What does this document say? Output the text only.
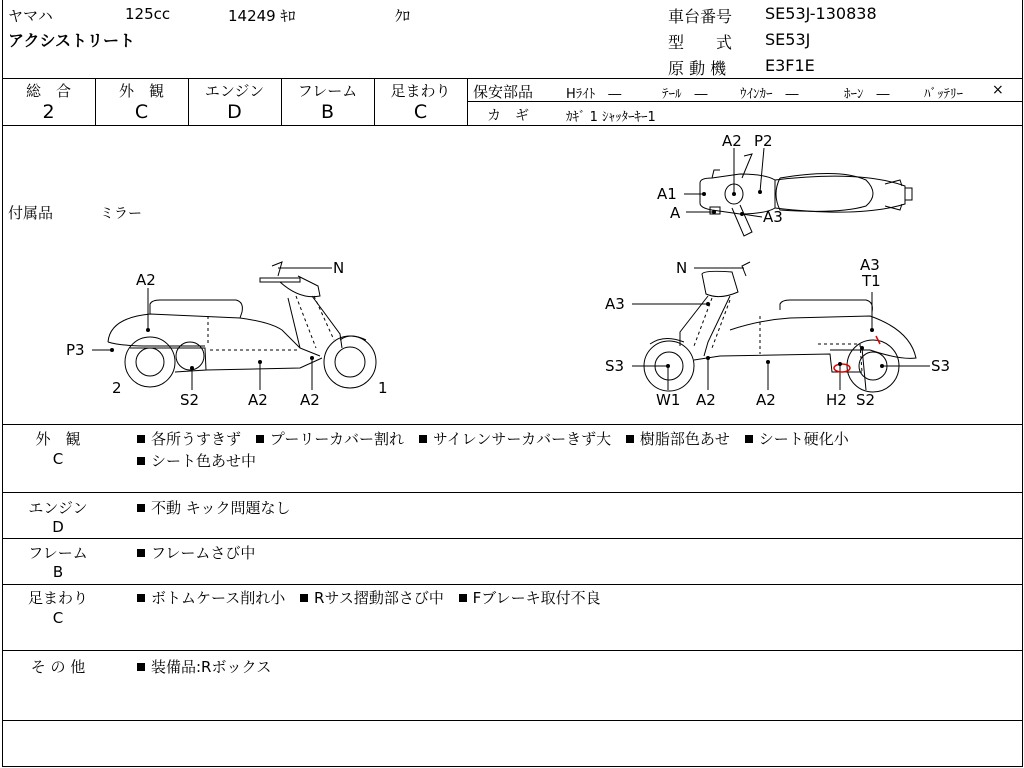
ヤマハ	125cc	14249 ｷﾛ	ｸﾛ
アクシストリート
車台番号 SE53J-130838
型　　式 SE53J
原 動 機 E3F1E
総　合
2
外　観
C
エンジン
D
フレーム
B
足まわり
C
保安部品	Hﾗｲﾄ　―	ﾃｰﾙ　― ｳｲﾝｶｰ　―	ﾎｰﾝ　―	ﾊﾞｯﾃﾘｰ ×
カ　ギ	ｶｷﾞ 1 ｼｬｯﾀｰｷｰ1
付属品	ミラー
A2 P2
A1
A	A3
N
A2
P3
2
S2	A2 A2
1
N	A3
T1
A3
S3	S3
W1 A2	A2	H2 S2
外　観
C
各所うすきず プーリーカバー割れ サイレンサーカバーきず大 樹脂部色あせ シート硬化小
シート色あせ中
エンジン
D
不動 キック問題なし
フレーム
B
フレームさび中
足まわり
C
ボトムケース削れ小 Rサス摺動部さび中 Fブレーキ取付不良
そ の 他	装備品:Rボックス
